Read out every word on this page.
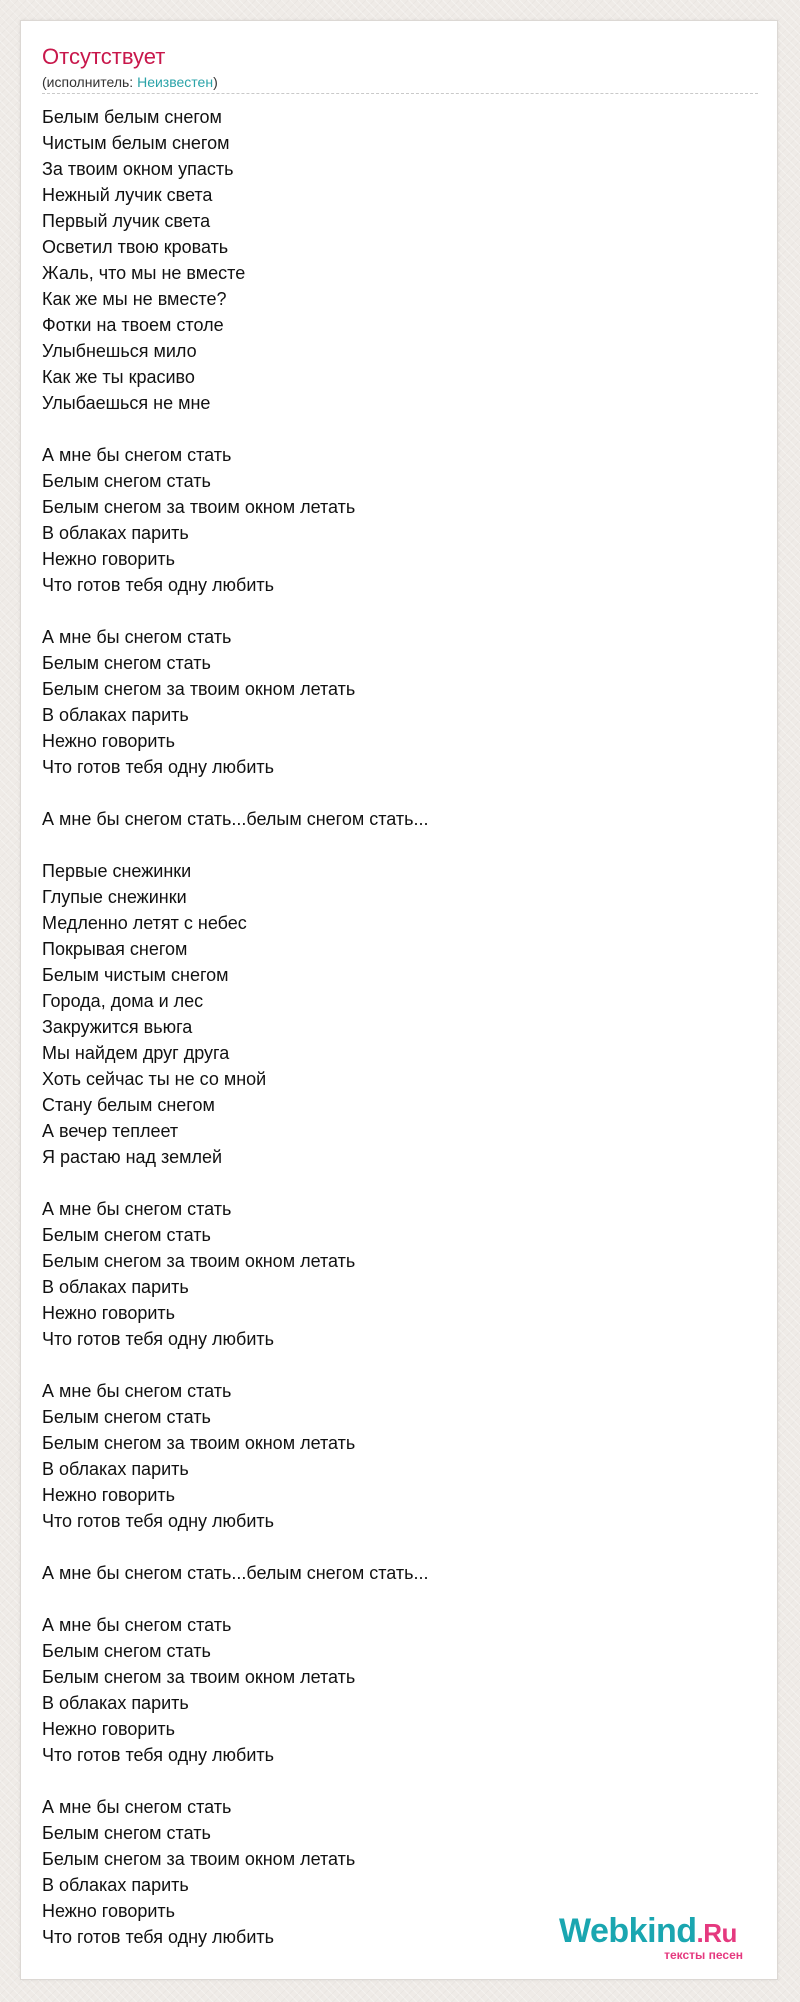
Отсутствует
(исполнитель: Неизвестен)
Белым белым снегом
Чистым белым снегом
За твоим окном упасть
Нежный лучик света
Первый лучик света
Осветил твою кровать
Жаль, что мы не вместе
Как же мы не вместе?
Фотки на твоем столе
Улыбнешься мило
Как же ты красиво
Улыбаешься не мне
А мне бы снегом стать
Белым снегом стать
Белым снегом за твоим окном летать
В облаках парить
Нежно говорить
Что готов тебя одну любить
А мне бы снегом стать
Белым снегом стать
Белым снегом за твоим окном летать
В облаках парить
Нежно говорить
Что готов тебя одну любить
А мне бы снегом стать...белым снегом стать...
Первые снежинки
Глупые снежинки
Медленно летят с небес
Покрывая снегом
Белым чистым снегом
Города, дома и лес
Закружится вьюга
Мы найдем друг друга
Хоть сейчас ты не со мной
Стану белым снегом
А вечер теплеет
Я растаю над землей
А мне бы снегом стать
Белым снегом стать
Белым снегом за твоим окном летать
В облаках парить
Нежно говорить
Что готов тебя одну любить
А мне бы снегом стать
Белым снегом стать
Белым снегом за твоим окном летать
В облаках парить
Нежно говорить
Что готов тебя одну любить
А мне бы снегом стать...белым снегом стать...
А мне бы снегом стать
Белым снегом стать
Белым снегом за твоим окном летать
В облаках парить
Нежно говорить
Что готов тебя одну любить
А мне бы снегом стать
Белым снегом стать
Белым снегом за твоим окном летать
В облаках парить
Нежно говорить
Что готов тебя одну любить	Webkind.Ru
тексты песен
